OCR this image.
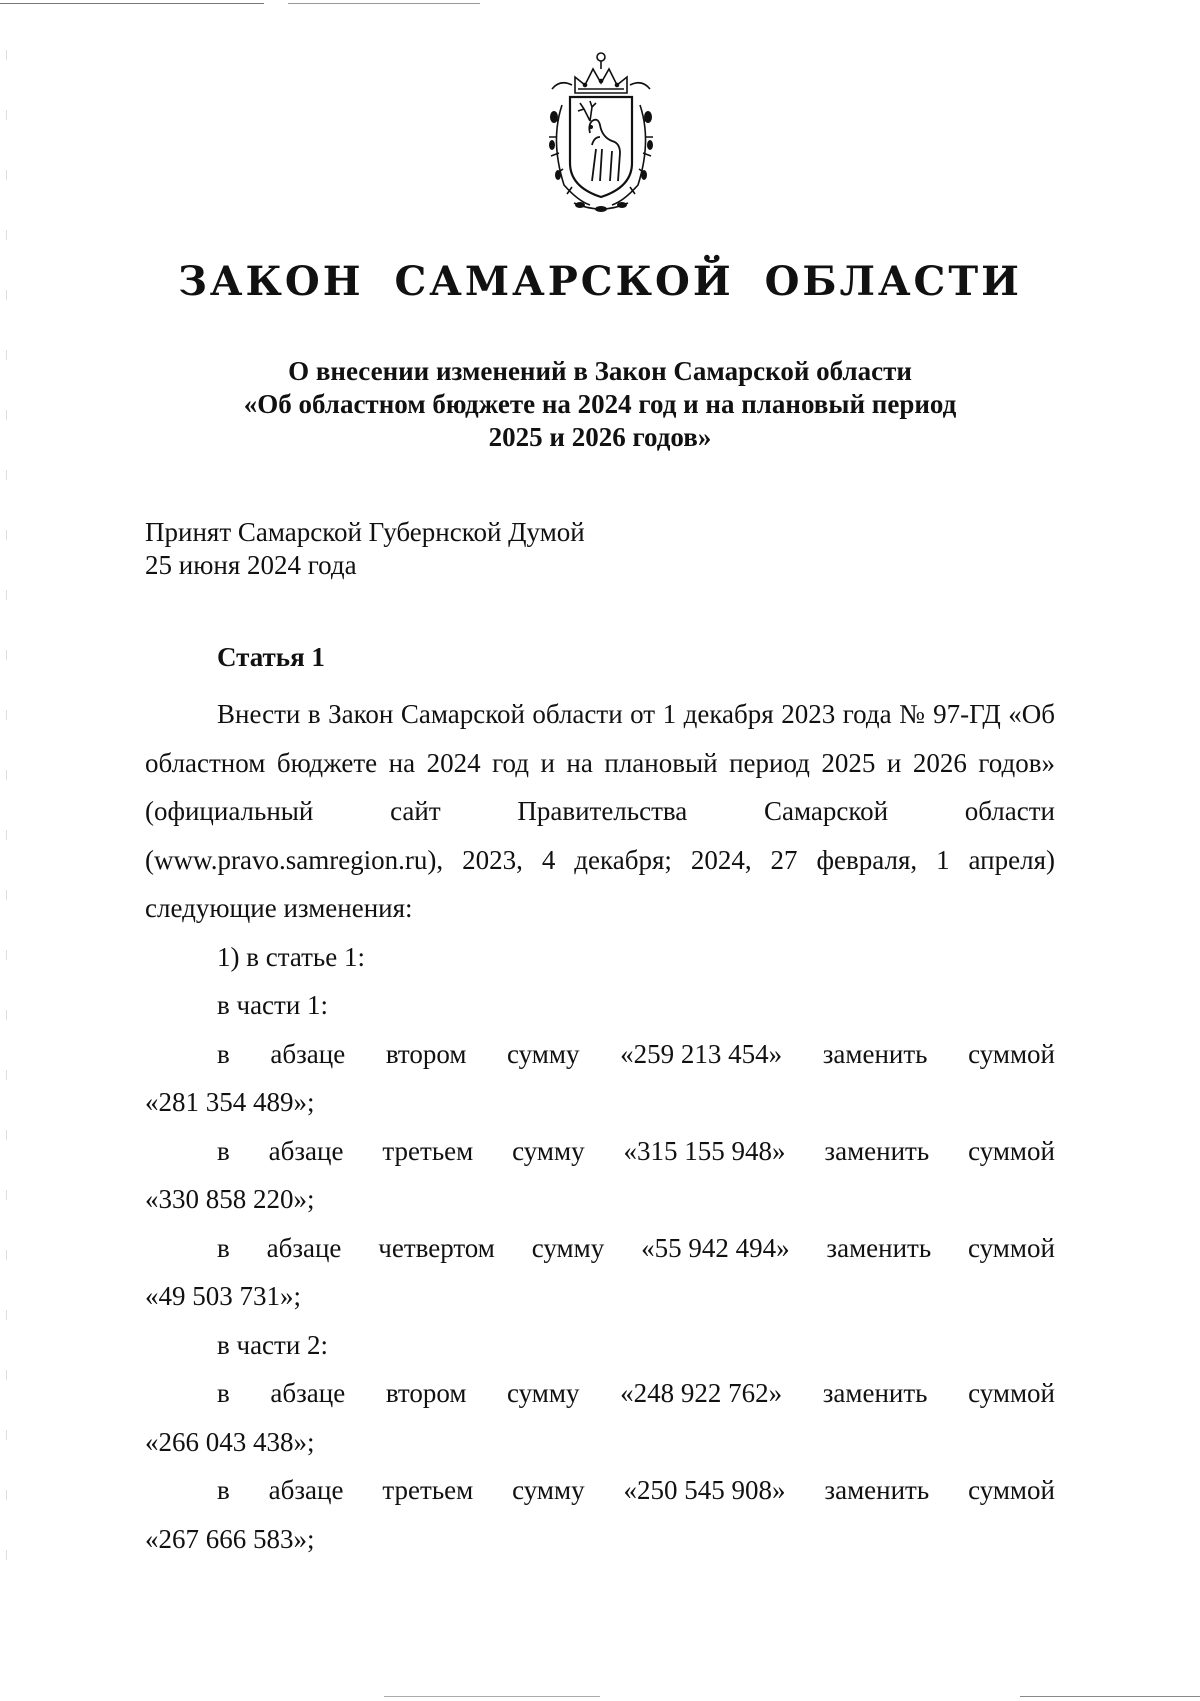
ЗАКОН САМАРСКОЙ ОБЛАСТИ
О внесении изменений в Закон Самарской области
«Об областном бюджете на 2024 год и на плановый период
2025 и 2026 годов»
Принят Самарской Губернской Думой
25 июня 2024 года
Статья 1

Внести в Закон Самарской области от 1 декабря 2023 года № 97-ГД «Об областном бюджете на 2024 год и на плановый период 2025 и 2026 годов» (официальный сайт Правительства Самарской области (www.pravo.samregion.ru), 2023, 4 декабря; 2024, 27 февраля, 1 апреля) следующие изменения:

1) в статье 1:
в части 1:
в абзаце втором сумму «259 213 454» заменить суммой
«281 354 489»;
в абзаце третьем сумму «315 155 948» заменить суммой
«330 858 220»;
в абзаце четвертом сумму «55 942 494» заменить суммой
«49 503 731»;
в части 2:
в абзаце втором сумму «248 922 762» заменить суммой
«266 043 438»;
в абзаце третьем сумму «250 545 908» заменить суммой
«267 666 583»;
